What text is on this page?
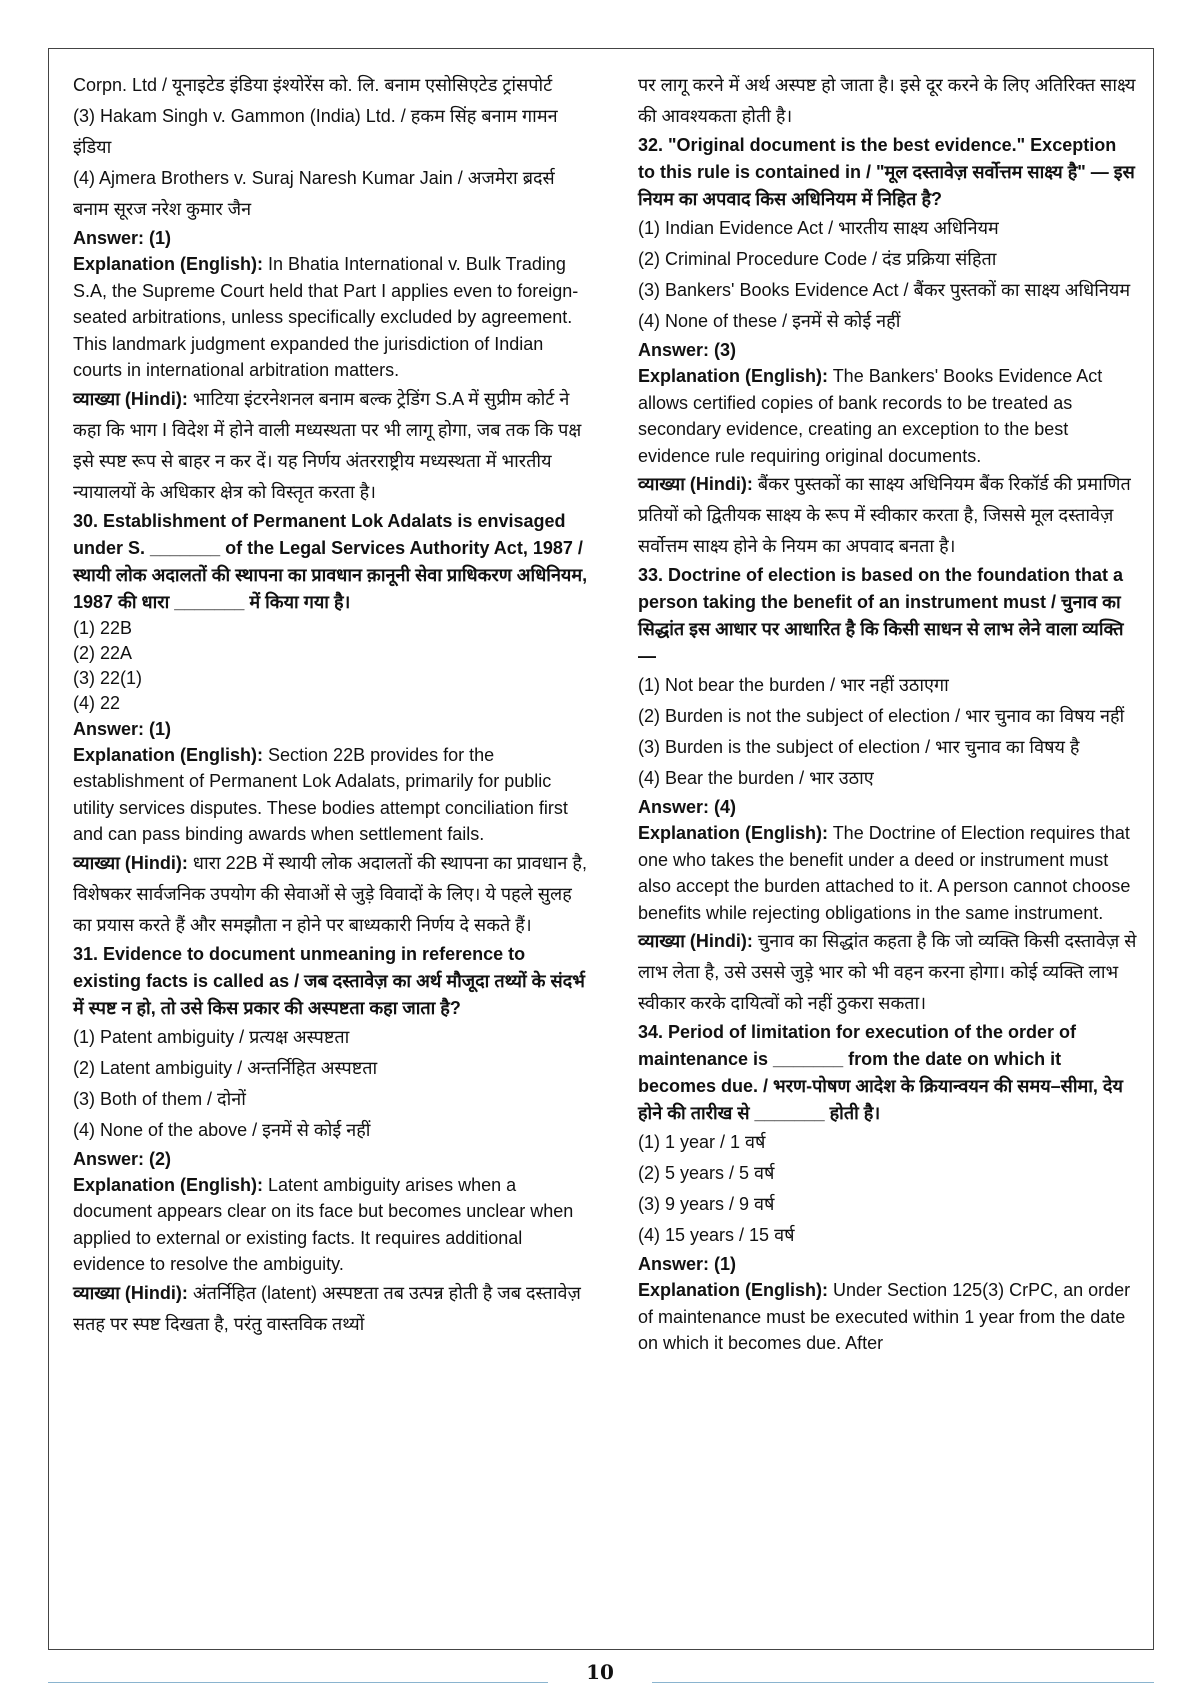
Corpn. Ltd / यूनाइटेड इंडिया इंश्योरेंस को. लि. बनाम एसोसिएटेड ट्रांसपोर्ट

(3) Hakam Singh v. Gammon (India) Ltd. / हकम सिंह बनाम गामन इंडिया

(4) Ajmera Brothers v. Suraj Naresh Kumar Jain / अजमेरा ब्रदर्स बनाम सूरज नरेश कुमार जैन

Answer: (1)

Explanation (English): In Bhatia International v. Bulk Trading S.A, the Supreme Court held that Part I applies even to foreign-seated arbitrations, unless specifically excluded by agreement. This landmark judgment expanded the jurisdiction of Indian courts in international arbitration matters.

व्याख्या (Hindi): भाटिया इंटरनेशनल बनाम बल्क ट्रेडिंग S.A में सुप्रीम कोर्ट ने कहा कि भाग I विदेश में होने वाली मध्यस्थता पर भी लागू होगा, जब तक कि पक्ष इसे स्पष्ट रूप से बाहर न कर दें। यह निर्णय अंतरराष्ट्रीय मध्यस्थता में भारतीय न्यायालयों के अधिकार क्षेत्र को विस्तृत करता है।

30. Establishment of Permanent Lok Adalats is envisaged under S. _______ of the Legal Services Authority Act, 1987 / स्थायी लोक अदालतों की स्थापना का प्रावधान क़ानूनी सेवा प्राधिकरण अधिनियम, 1987 की धारा _______ में किया गया है।

(1) 22B

(2) 22A

(3) 22(1)

(4) 22

Answer: (1)

Explanation (English): Section 22B provides for the establishment of Permanent Lok Adalats, primarily for public utility services disputes. These bodies attempt conciliation first and can pass binding awards when settlement fails.

व्याख्या (Hindi): धारा 22B में स्थायी लोक अदालतों की स्थापना का प्रावधान है, विशेषकर सार्वजनिक उपयोग की सेवाओं से जुड़े विवादों के लिए। ये पहले सुलह का प्रयास करते हैं और समझौता न होने पर बाध्यकारी निर्णय दे सकते हैं।

31. Evidence to document unmeaning in reference to existing facts is called as / जब दस्तावेज़ का अर्थ मौजूदा तथ्यों के संदर्भ में स्पष्ट न हो, तो उसे किस प्रकार की अस्पष्टता कहा जाता है?

(1) Patent ambiguity / प्रत्यक्ष अस्पष्टता

(2) Latent ambiguity / अन्तर्निहित अस्पष्टता

(3) Both of them / दोनों

(4) None of the above / इनमें से कोई नहीं

Answer: (2)

Explanation (English): Latent ambiguity arises when a document appears clear on its face but becomes unclear when applied to external or existing facts. It requires additional evidence to resolve the ambiguity.

व्याख्या (Hindi): अंतर्निहित (latent) अस्पष्टता तब उत्पन्न होती है जब दस्तावेज़ सतह पर स्पष्ट दिखता है, परंतु वास्तविक तथ्यों

पर लागू करने में अर्थ अस्पष्ट हो जाता है। इसे दूर करने के लिए अतिरिक्त साक्ष्य की आवश्यकता होती है।

32. "Original document is the best evidence." Exception to this rule is contained in / "मूल दस्तावेज़ सर्वोत्तम साक्ष्य है" — इस नियम का अपवाद किस अधिनियम में निहित है?

(1) Indian Evidence Act / भारतीय साक्ष्य अधिनियम

(2) Criminal Procedure Code / दंड प्रक्रिया संहिता

(3) Bankers' Books Evidence Act / बैंकर पुस्तकों का साक्ष्य अधिनियम

(4) None of these / इनमें से कोई नहीं

Answer: (3)

Explanation (English): The Bankers' Books Evidence Act allows certified copies of bank records to be treated as secondary evidence, creating an exception to the best evidence rule requiring original documents.

व्याख्या (Hindi): बैंकर पुस्तकों का साक्ष्य अधिनियम बैंक रिकॉर्ड की प्रमाणित प्रतियों को द्वितीयक साक्ष्य के रूप में स्वीकार करता है, जिससे मूल दस्तावेज़ सर्वोत्तम साक्ष्य होने के नियम का अपवाद बनता है।

33. Doctrine of election is based on the foundation that a person taking the benefit of an instrument must / चुनाव का सिद्धांत इस आधार पर आधारित है कि किसी साधन से लाभ लेने वाला व्यक्ति—

(1) Not bear the burden / भार नहीं उठाएगा

(2) Burden is not the subject of election / भार चुनाव का विषय नहीं

(3) Burden is the subject of election / भार चुनाव का विषय है

(4) Bear the burden / भार उठाए

Answer: (4)

Explanation (English): The Doctrine of Election requires that one who takes the benefit under a deed or instrument must also accept the burden attached to it. A person cannot choose benefits while rejecting obligations in the same instrument.

व्याख्या (Hindi): चुनाव का सिद्धांत कहता है कि जो व्यक्ति किसी दस्तावेज़ से लाभ लेता है, उसे उससे जुड़े भार को भी वहन करना होगा। कोई व्यक्ति लाभ स्वीकार करके दायित्वों को नहीं ठुकरा सकता।

34. Period of limitation for execution of the order of maintenance is _______ from the date on which it becomes due. / भरण-पोषण आदेश के क्रियान्वयन की समय–सीमा, देय होने की तारीख से _______ होती है।

(1) 1 year / 1 वर्ष

(2) 5 years / 5 वर्ष

(3) 9 years / 9 वर्ष

(4) 15 years / 15 वर्ष

Answer: (1)

Explanation (English): Under Section 125(3) CrPC, an order of maintenance must be executed within 1 year from the date on which it becomes due. After

10
